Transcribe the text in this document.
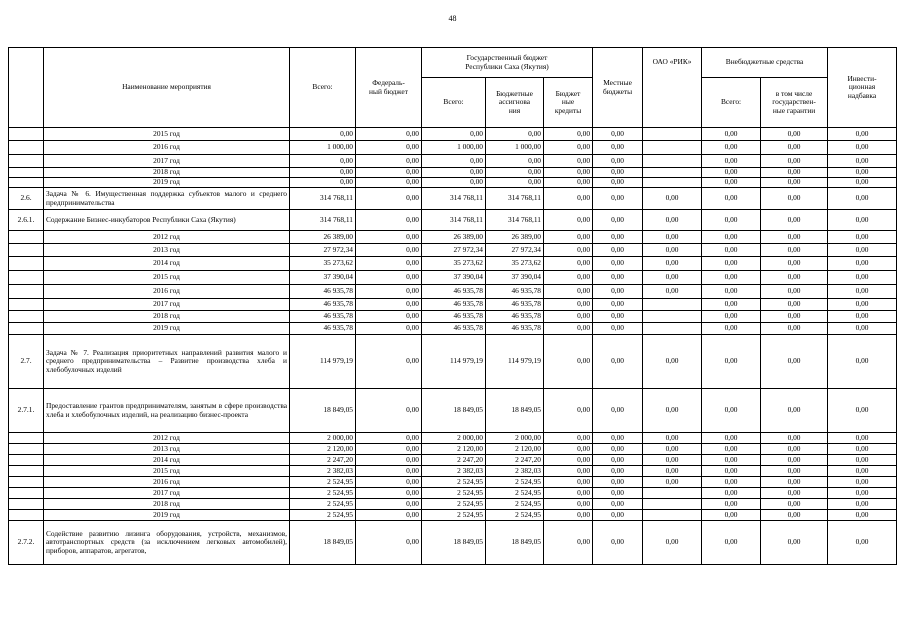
48
	Наименование мероприятия	Всего:	Федераль-
ный бюджет	Государственный бюджет
Республики Саха (Якутия)			Местные
бюджеты	ОАО «РИК»	Внебюджетные средства		Инвести-
ционная
надбавка
				Всего:	Бюджетные
ассигнова
ния	Бюджет
ные
кредиты			Всего:	в том числе
государствен-
ные гарантии	
	2015 год	0,00	0,00	0,00	0,00	0,00	0,00		0,00	0,00	0,00
	2016 год	1 000,00	0,00	1 000,00	1 000,00	0,00	0,00		0,00	0,00	0,00
	2017 год	0,00	0,00	0,00	0,00	0,00	0,00		0,00	0,00	0,00
	2018 год	0,00	0,00	0,00	0,00	0,00	0,00		0,00	0,00	0,00
	2019 год	0,00	0,00	0,00	0,00	0,00	0,00		0,00	0,00	0,00
2.6.	Задача № 6. Имущественная поддержка субъектов малого и среднего предпринимательства	314 768,11	0,00	314 768,11	314 768,11	0,00	0,00	0,00	0,00	0,00	0,00
2.6.1.	Содержание Бизнес-инкубаторов Республики Саха (Якутия)	314 768,11	0,00	314 768,11	314 768,11	0,00	0,00	0,00	0,00	0,00	0,00
	2012 год	26 389,00	0,00	26 389,00	26 389,00	0,00	0,00	0,00	0,00	0,00	0,00
	2013 год	27 972,34	0,00	27 972,34	27 972,34	0,00	0,00	0,00	0,00	0,00	0,00
	2014 год	35 273,62	0,00	35 273,62	35 273,62	0,00	0,00	0,00	0,00	0,00	0,00
	2015 год	37 390,04	0,00	37 390,04	37 390,04	0,00	0,00	0,00	0,00	0,00	0,00
	2016 год	46 935,78	0,00	46 935,78	46 935,78	0,00	0,00	0,00	0,00	0,00	0,00
	2017 год	46 935,78	0,00	46 935,78	46 935,78	0,00	0,00		0,00	0,00	0,00
	2018 год	46 935,78	0,00	46 935,78	46 935,78	0,00	0,00		0,00	0,00	0,00
	2019 год	46 935,78	0,00	46 935,78	46 935,78	0,00	0,00		0,00	0,00	0,00
2.7.	Задача № 7. Реализация приоритетных направлений развития малого и среднего предпринимательства – Развитие производства хлеба и хлебобулочных изделий	114 979,19	0,00	114 979,19	114 979,19	0,00	0,00	0,00	0,00	0,00	0,00
2.7.1.	Предоставление грантов предпринимателям, занятым в сфере производства хлеба и хлебобулочных изделий, на реализацию бизнес-проекта	18 849,05	0,00	18 849,05	18 849,05	0,00	0,00	0,00	0,00	0,00	0,00
	2012 год	2 000,00	0,00	2 000,00	2 000,00	0,00	0,00	0,00	0,00	0,00	0,00
	2013 год	2 120,00	0,00	2 120,00	2 120,00	0,00	0,00	0,00	0,00	0,00	0,00
	2014 год	2 247,20	0,00	2 247,20	2 247,20	0,00	0,00	0,00	0,00	0,00	0,00
	2015 год	2 382,03	0,00	2 382,03	2 382,03	0,00	0,00	0,00	0,00	0,00	0,00
	2016 год	2 524,95	0,00	2 524,95	2 524,95	0,00	0,00	0,00	0,00	0,00	0,00
	2017 год	2 524,95	0,00	2 524,95	2 524,95	0,00	0,00		0,00	0,00	0,00
	2018 год	2 524,95	0,00	2 524,95	2 524,95	0,00	0,00		0,00	0,00	0,00
	2019 год	2 524,95	0,00	2 524,95	2 524,95	0,00	0,00		0,00	0,00	0,00
2.7.2.	Содействие развитию лизинга оборудования, устройств, механизмов, автотранспортных средств (за исключением легковых автомобилей), приборов, аппаратов, агрегатов,	18 849,05	0,00	18 849,05	18 849,05	0,00	0,00	0,00	0,00	0,00	0,00
